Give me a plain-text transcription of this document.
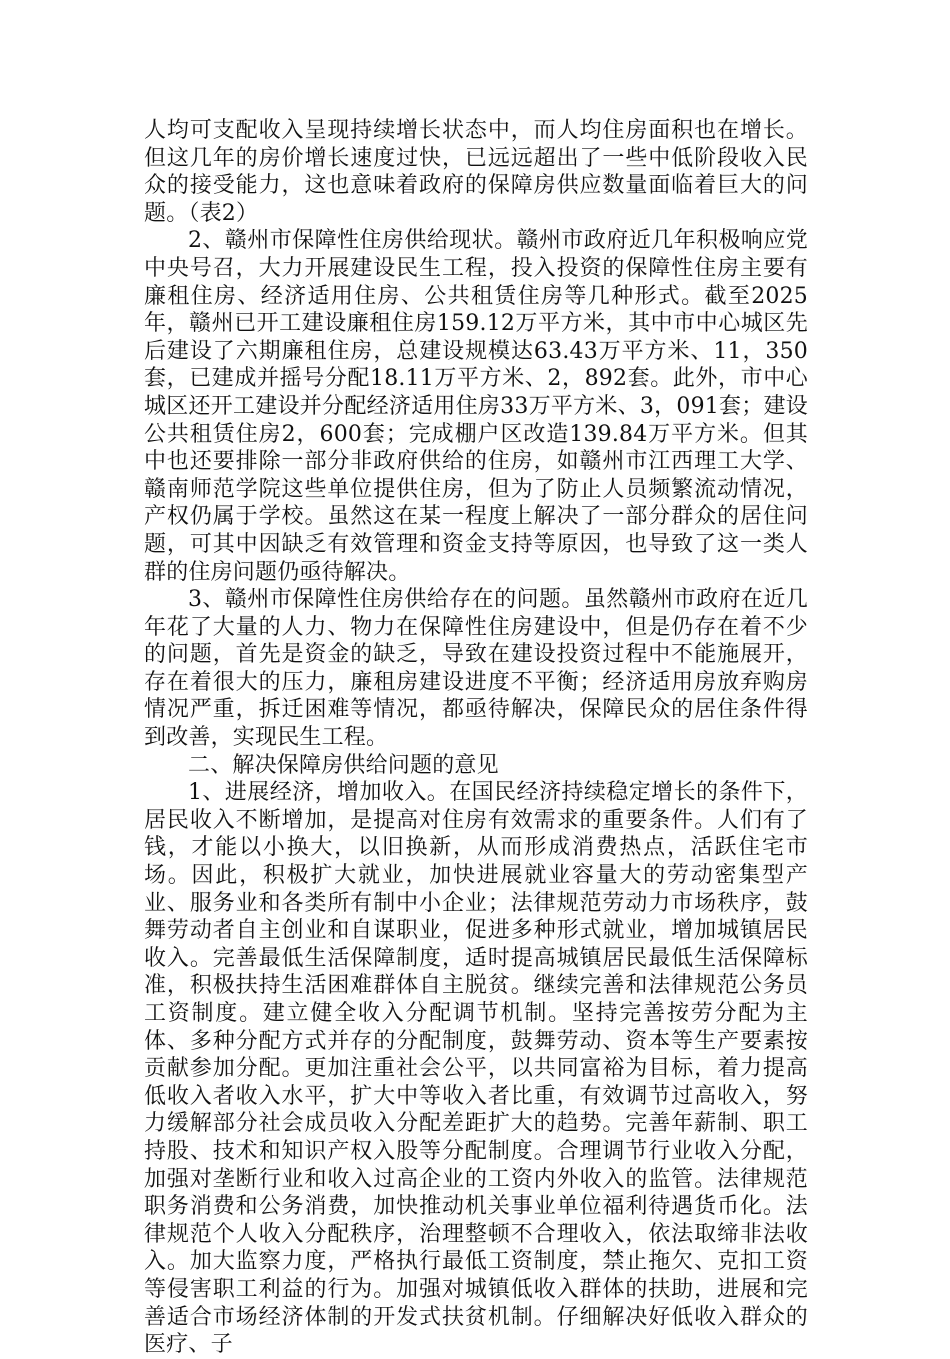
人均可支配收入呈现持续增长状态中，而人均住房面积也在增长。但这几年的房价增长速度过快，已远远超出了一些中低阶段收入民众的接受能力，这也意味着政府的保障房供应数量面临着巨大的问题。（表2）

2、赣州市保障性住房供给现状。赣州市政府近几年积极响应党中央号召，大力开展建设民生工程，投入投资的保障性住房主要有廉租住房、经济适用住房、公共租赁住房等几种形式。截至2025年，赣州已开工建设廉租住房159.12万平方米，其中市中心城区先后建设了六期廉租住房，总建设规模达63.43万平方米、11，350套，已建成并摇号分配18.11万平方米、2，892套。此外，市中心城区还开工建设并分配经济适用住房33万平方米、3，091套；建设公共租赁住房2，600套；完成棚户区改造139.84万平方米。但其中也还要排除一部分非政府供给的住房，如赣州市江西理工大学、赣南师范学院这些单位提供住房，但为了防止人员频繁流动情况，产权仍属于学校。虽然这在某一程度上解决了一部分群众的居住问题，可其中因缺乏有效管理和资金支持等原因，也导致了这一类人群的住房问题仍亟待解决。

3、赣州市保障性住房供给存在的问题。虽然赣州市政府在近几年花了大量的人力、物力在保障性住房建设中，但是仍存在着不少的问题，首先是资金的缺乏，导致在建设投资过程中不能施展开，存在着很大的压力，廉租房建设进度不平衡；经济适用房放弃购房情况严重，拆迁困难等情况，都亟待解决，保障民众的居住条件得到改善，实现民生工程。

二、解决保障房供给问题的意见

1、进展经济，增加收入。在国民经济持续稳定增长的条件下，居民收入不断增加，是提高对住房有效需求的重要条件。人们有了钱，才能以小换大，以旧换新，从而形成消费热点，活跃住宅市场。因此，积极扩大就业，加快进展就业容量大的劳动密集型产业、服务业和各类所有制中小企业；法律规范劳动力市场秩序，鼓舞劳动者自主创业和自谋职业，促进多种形式就业，增加城镇居民收入。完善最低生活保障制度，适时提高城镇居民最低生活保障标准，积极扶持生活困难群体自主脱贫。继续完善和法律规范公务员工资制度。建立健全收入分配调节机制。坚持完善按劳分配为主体、多种分配方式并存的分配制度，鼓舞劳动、资本等生产要素按贡献参加分配。更加注重社会公平，以共同富裕为目标，着力提高低收入者收入水平，扩大中等收入者比重，有效调节过高收入，努力缓解部分社会成员收入分配差距扩大的趋势。完善年薪制、职工持股、技术和知识产权入股等分配制度。合理调节行业收入分配，加强对垄断行业和收入过高企业的工资内外收入的监管。法律规范职务消费和公务消费，加快推动机关事业单位福利待遇货币化。法律规范个人收入分配秩序，治理整顿不合理收入，依法取缔非法收入。加大监察力度，严格执行最低工资制度，禁止拖欠、克扣工资等侵害职工利益的行为。加强对城镇低收入群体的扶助，进展和完善适合市场经济体制的开发式扶贫机制。仔细解决好低收入群众的医疗、子
